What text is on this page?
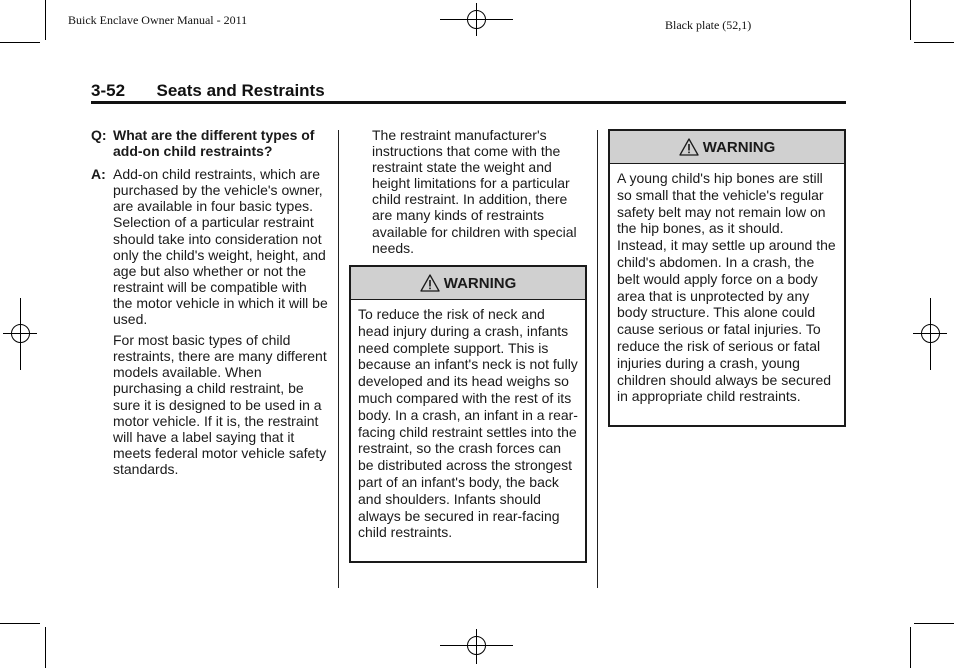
Buick Enclave Owner Manual - 2011	Black plate (52,1)
3-52 Seats and Restraints
Q: What are the different types of add-on child restraints?

A: Add-on child restraints, which are purchased by the vehicle's owner, are available in four basic types. Selection of a particular restraint should take into consideration not only the child's weight, height, and age but also whether or not the restraint will be compatible with the motor vehicle in which it will be used.

For most basic types of child restraints, there are many different models available. When purchasing a child restraint, be sure it is designed to be used in a motor vehicle. If it is, the restraint will have a label saying that it meets federal motor vehicle safety standards.

The restraint manufacturer's instructions that come with the restraint state the weight and height limitations for a particular child restraint. In addition, there are many kinds of restraints available for children with special needs.

WARNING
To reduce the risk of neck and head injury during a crash, infants need complete support. This is because an infant's neck is not fully developed and its head weighs so much compared with the rest of its body. In a crash, an infant in a rear-facing child restraint settles into the restraint, so the crash forces can be distributed across the strongest part of an infant's body, the back and shoulders. Infants should always be secured in rear-facing child restraints.
WARNING
A young child's hip bones are still so small that the vehicle's regular safety belt may not remain low on the hip bones, as it should. Instead, it may settle up around the child's abdomen. In a crash, the belt would apply force on a body area that is unprotected by any body structure. This alone could cause serious or fatal injuries. To reduce the risk of serious or fatal injuries during a crash, young children should always be secured in appropriate child restraints.
